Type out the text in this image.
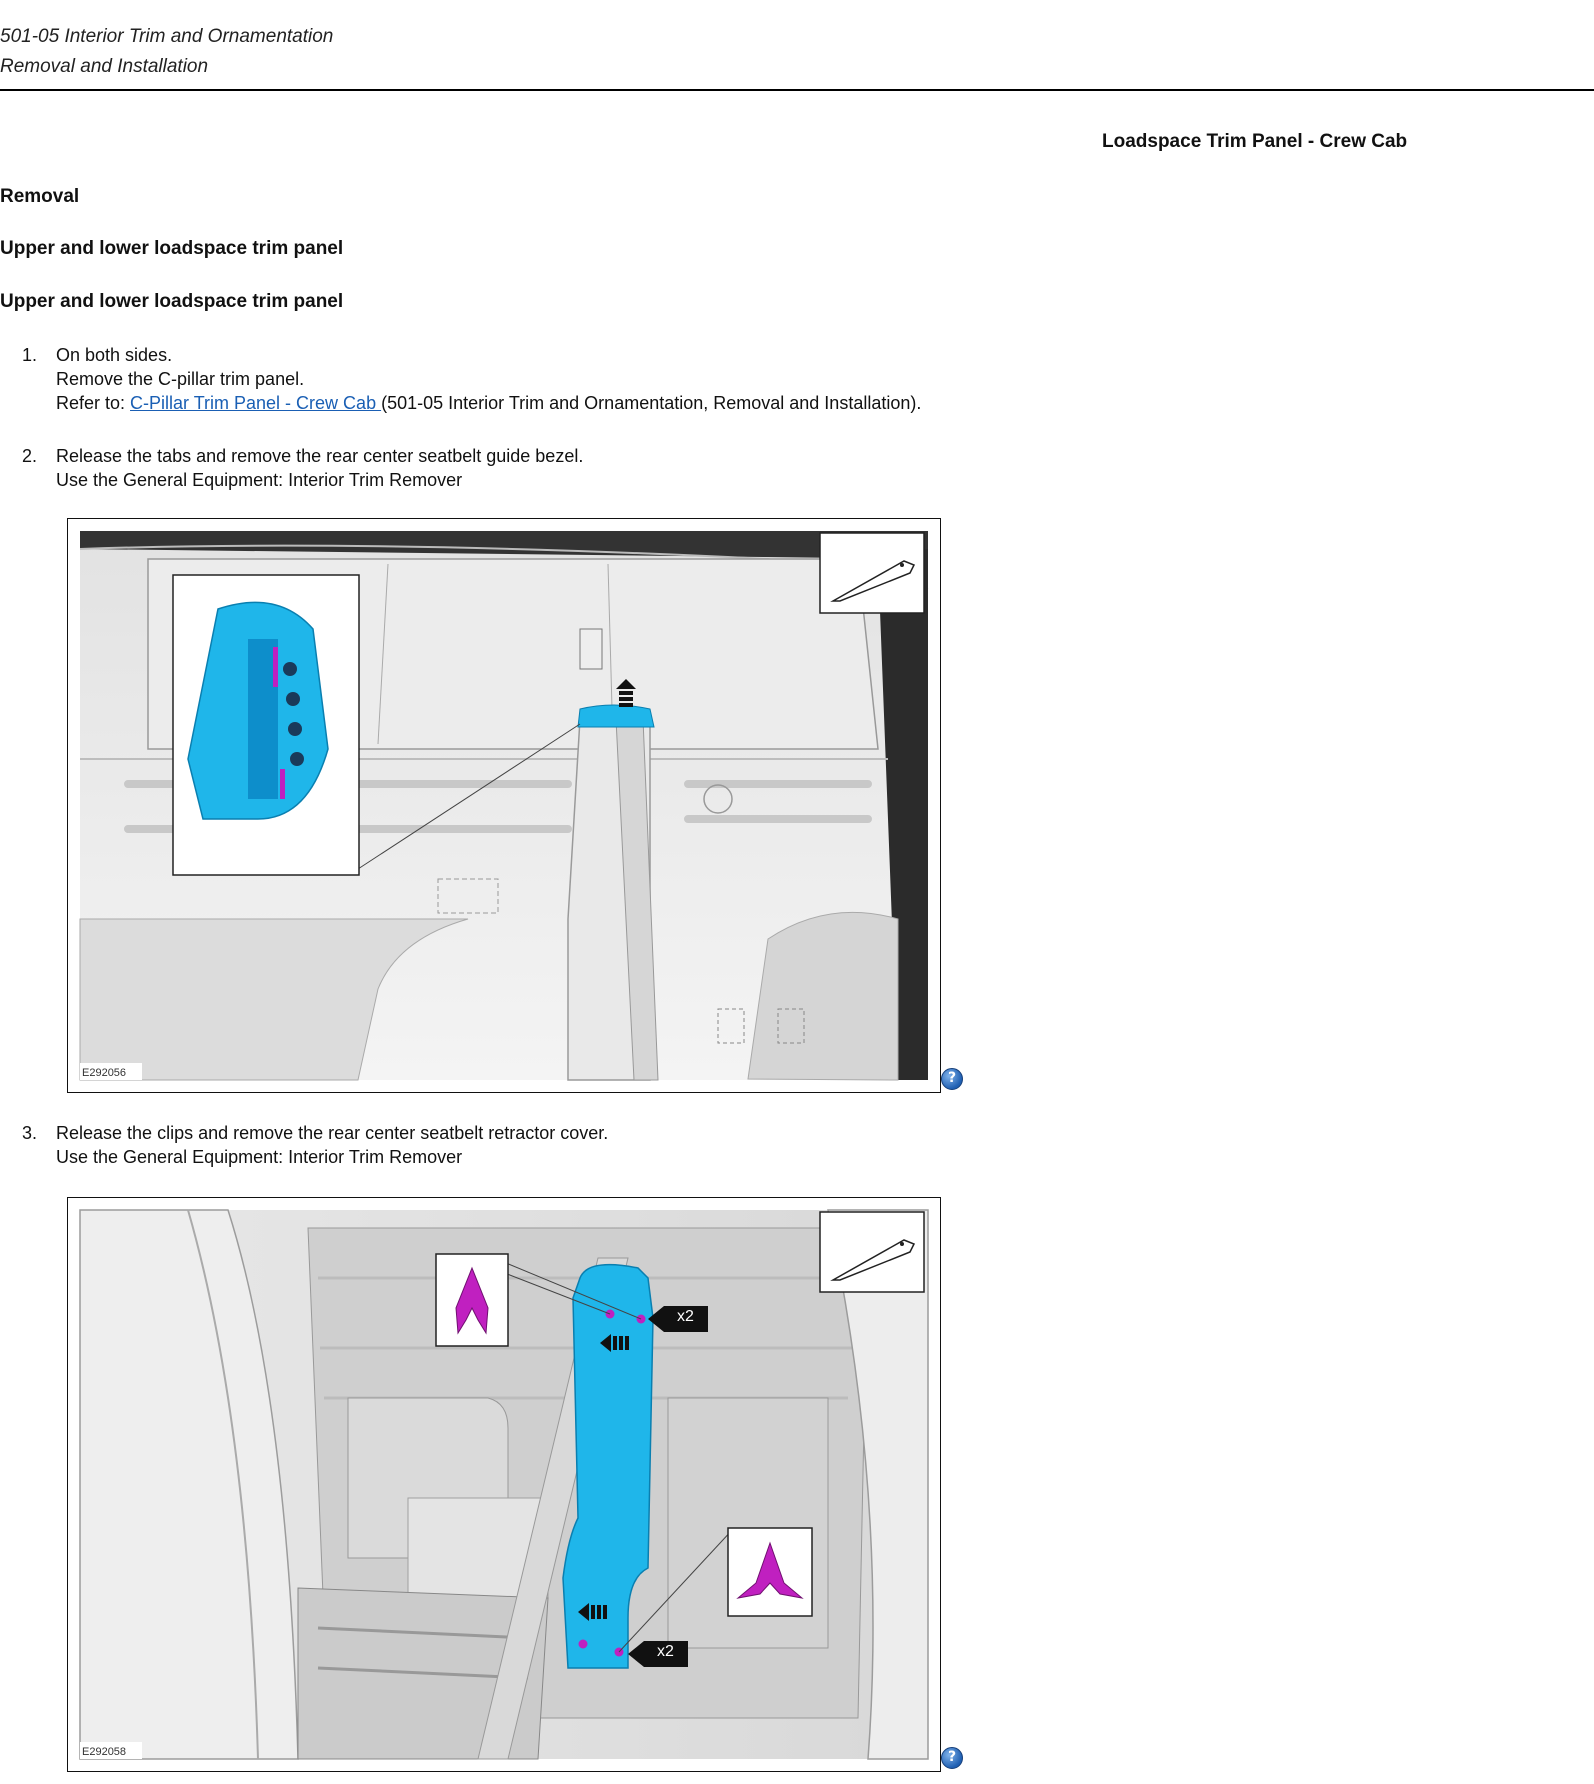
501-05 Interior Trim and Ornamentation
Removal and Installation
Loadspace Trim Panel - Crew Cab
Removal
Upper and lower loadspace trim panel
Upper and lower loadspace trim panel
1. On both sides.
Remove the C-pillar trim panel.
Refer to: C-Pillar Trim Panel - Crew Cab (501-05 Interior Trim and Ornamentation, Removal and Installation).
2. Release the tabs and remove the rear center seatbelt guide bezel.
Use the General Equipment: Interior Trim Remover
E292056	?
3. Release the clips and remove the rear center seatbelt retractor cover.
Use the General Equipment: Interior Trim Remover
E292058
x2
x2
?
